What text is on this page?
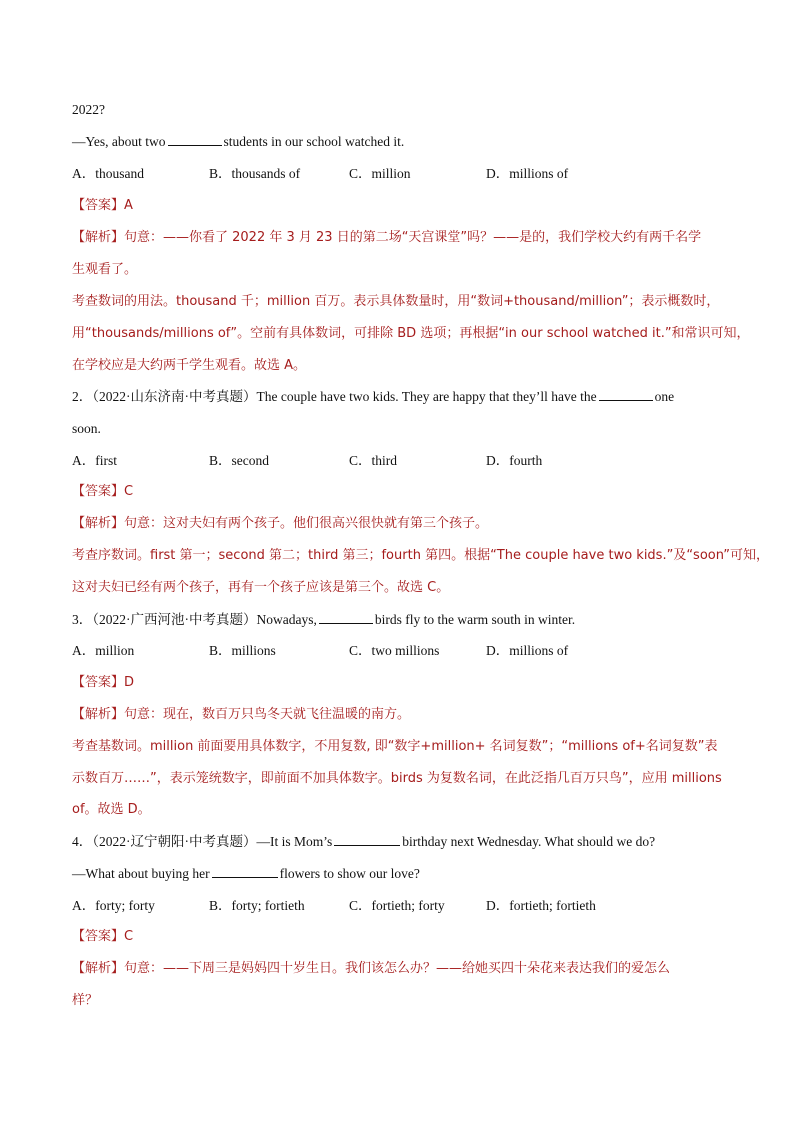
2022?
—Yes, about two	students in our school watched it.
A．thousand	B．thousands of	C．million	D．millions of
【答案】A
【解析】句意：——你看了 2022 年 3 月 23 日的第二场“天宫课堂”吗？——是的，我们学校大约有两千名学
生观看了。
考查数词的用法。thousand 千；million 百万。表示具体数量时，用“数词+thousand/million”；表示概数时，
用“thousands/millions of”。空前有具体数词，可排除 BD 选项；再根据“in our school watched it.”和常识可知，
在学校应是大约两千学生观看。故选 A。
2．（2022·山东济南·中考真题）The couple have two kids. They are happy that they’ll have the	one
soon.
A．first	B．second	C．third	D．fourth
【答案】C
【解析】句意：这对夫妇有两个孩子。他们很高兴很快就有第三个孩子。
考查序数词。first 第一；second 第二；third 第三；fourth 第四。根据“The couple have two kids.”及“soon”可知，
这对夫妇已经有两个孩子，再有一个孩子应该是第三个。故选 C。
3．（2022·广西河池·中考真题）Nowadays,	birds fly to the warm south in winter.
A．million	B．millions	C．two millions	D．millions of
【答案】D
【解析】句意：现在，数百万只鸟冬天就飞往温暖的南方。
考查基数词。million 前面要用具体数字，不用复数, 即“数字+million+ 名词复数”；“millions of+名词复数”表
示数百万……”，表示笼统数字，即前面不加具体数字。birds 为复数名词，在此泛指几百万只鸟”，应用 millions
of。故选 D。
4．（2022·辽宁朝阳·中考真题）—It is Mom’s	birthday next Wednesday. What should we do?
—What about buying her	flowers to show our love?
A．forty; forty	B．forty; fortieth	C．fortieth; forty	D．fortieth; fortieth
【答案】C
【解析】句意：——下周三是妈妈四十岁生日。我们该怎么办？——给她买四十朵花来表达我们的爱怎么
样？
